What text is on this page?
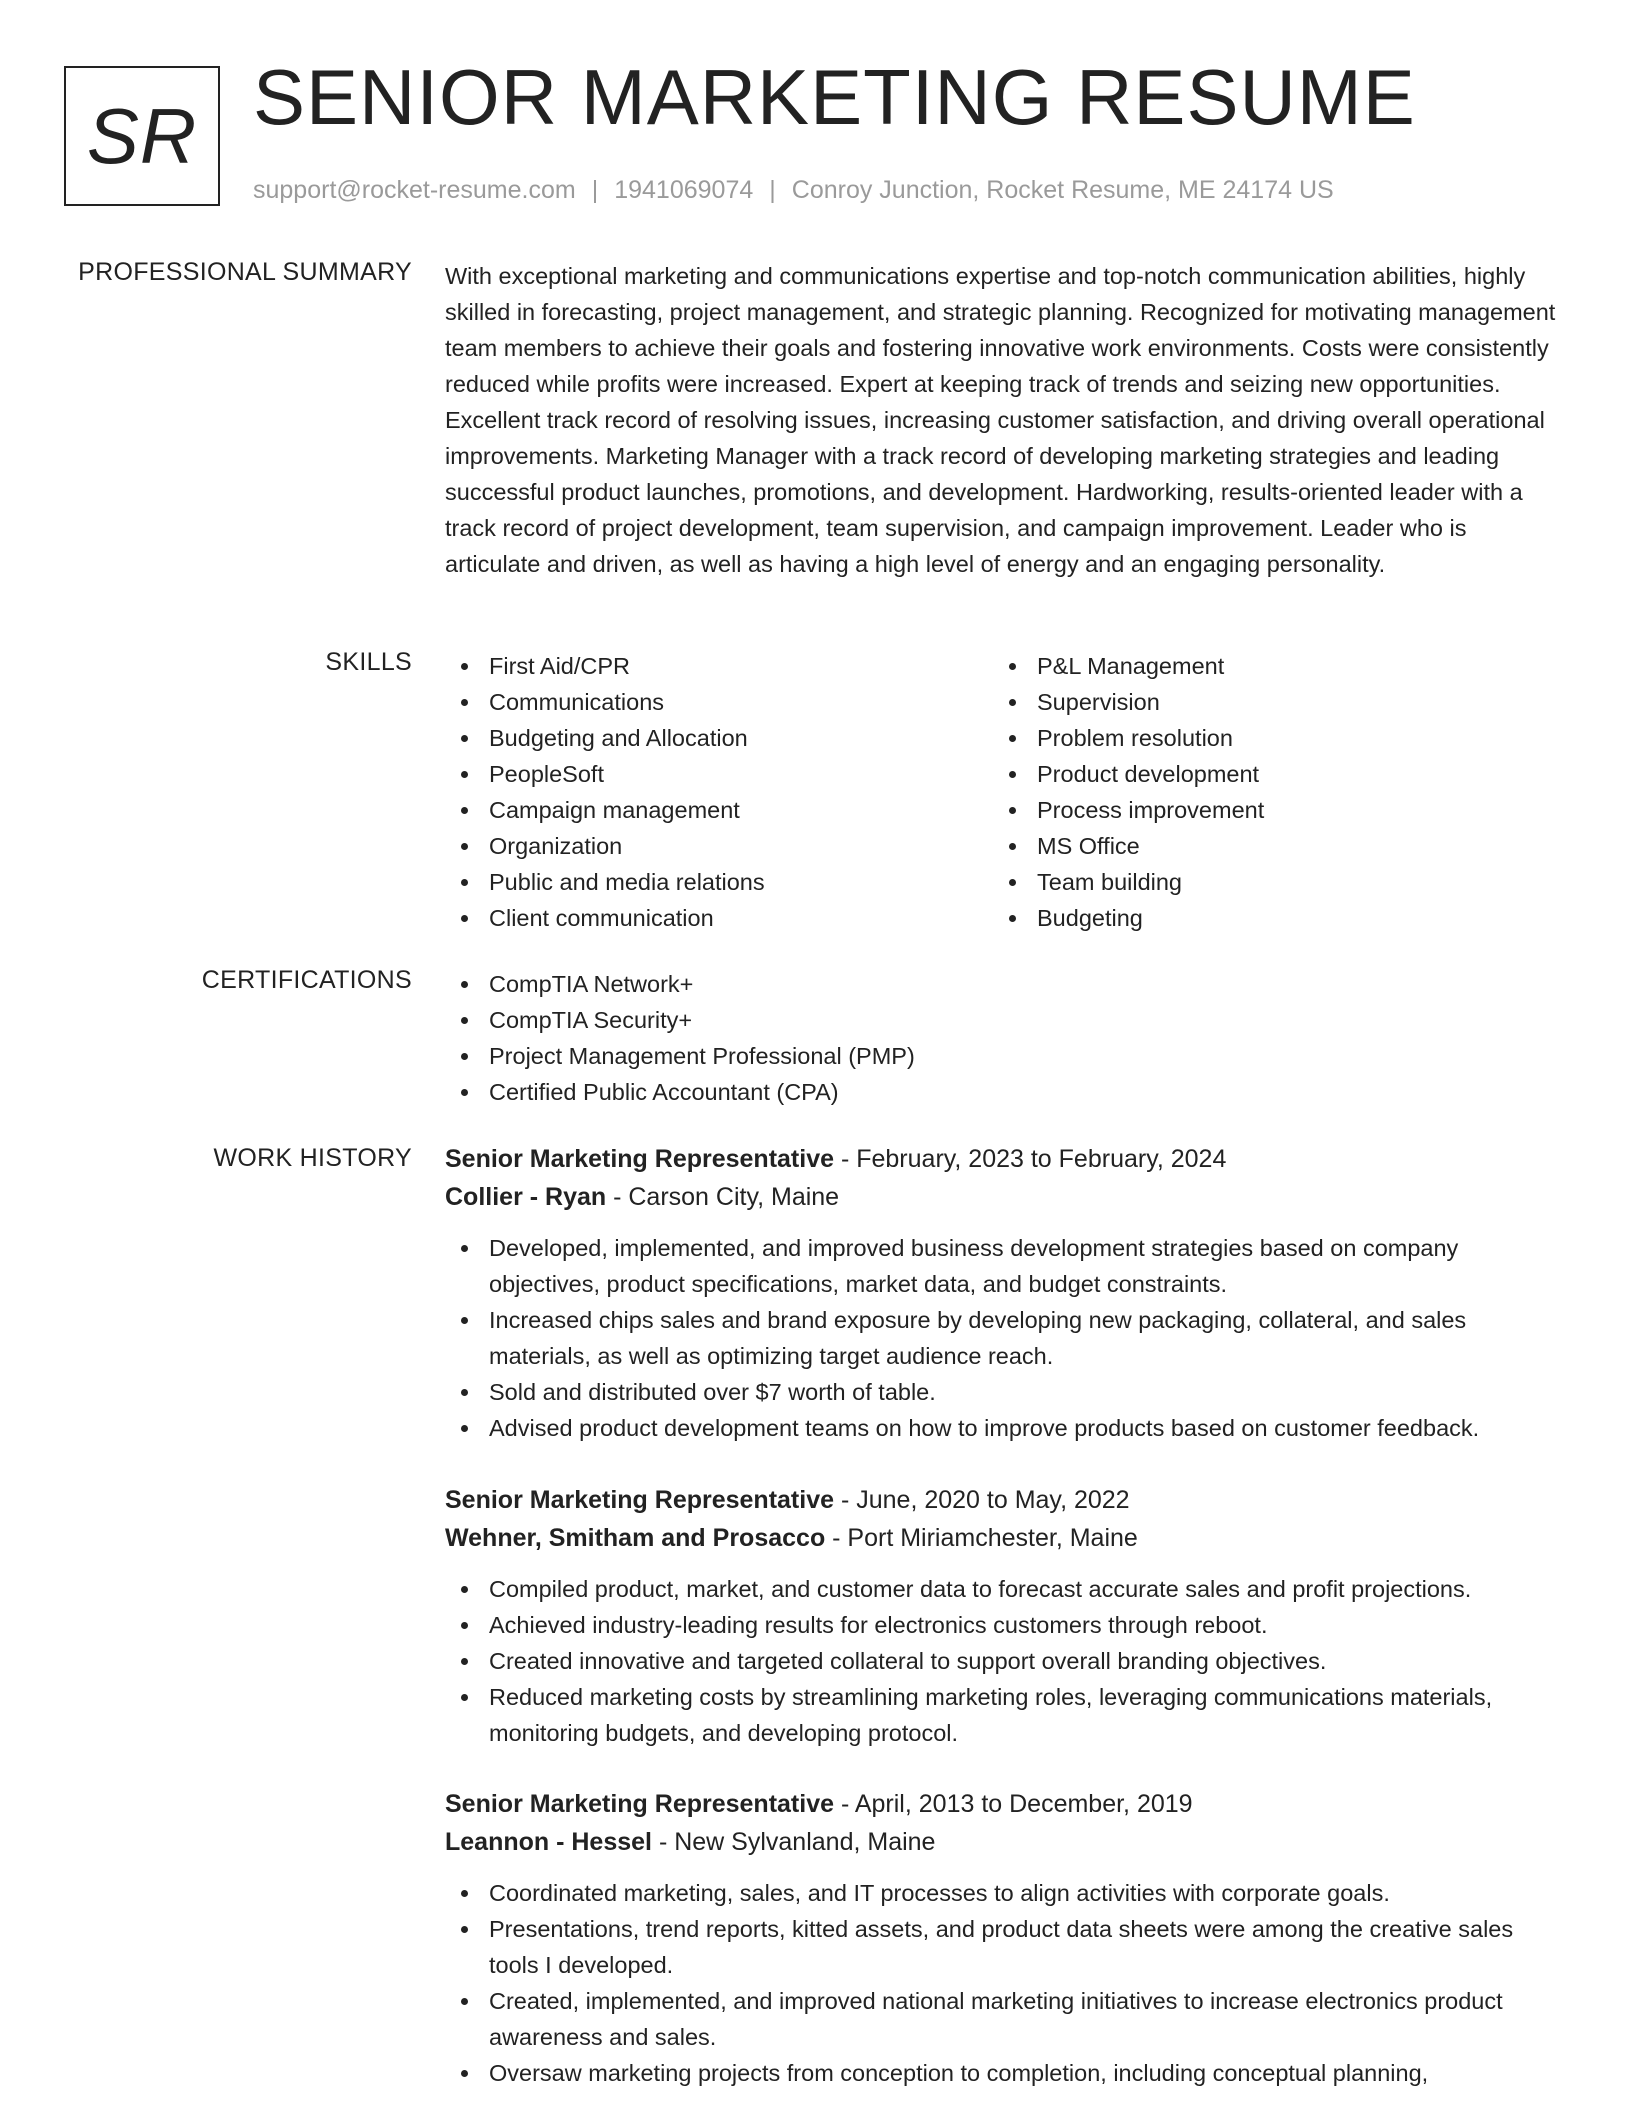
SR SENIOR MARKETING RESUME
support@rocket-resume.com | 1941069074 | Conroy Junction, Rocket Resume, ME 24174 US
PROFESSIONAL SUMMARY With exceptional marketing and communications expertise and top-notch communication abilities, highly skilled in forecasting, project management, and strategic planning. Recognized for motivating management team members to achieve their goals and fostering innovative work environments. Costs were consistently reduced while profits were increased. Expert at keeping track of trends and seizing new opportunities. Excellent track record of resolving issues, increasing customer satisfaction, and driving overall operational improvements. Marketing Manager with a track record of developing marketing strategies and leading successful product launches, promotions, and development. Hardworking, results-oriented leader with a track record of project development, team supervision, and campaign improvement. Leader who is articulate and driven, as well as having a high level of energy and an engaging personality.

SKILLS	First Aid/CPR
Communications
Budgeting and Allocation
PeopleSoft
Campaign management
Organization
Public and media relations
Client communication
P&L Management
Supervision
Problem resolution
Product development
Process improvement
MS Office
Team building
Budgeting
CERTIFICATIONS	CompTIA Network+
CompTIA Security+
Project Management Professional (PMP)
Certified Public Accountant (CPA)
WORK HISTORY Senior Marketing Representative - February, 2023 to February, 2024
Collier - Ryan - Carson City, Maine
Developed, implemented, and improved business development strategies based on company objectives, product specifications, market data, and budget constraints.
Increased chips sales and brand exposure by developing new packaging, collateral, and sales materials, as well as optimizing target audience reach.
Sold and distributed over $7 worth of table.
Advised product development teams on how to improve products based on customer feedback.
Senior Marketing Representative - June, 2020 to May, 2022
Wehner, Smitham and Prosacco - Port Miriamchester, Maine
Compiled product, market, and customer data to forecast accurate sales and profit projections.
Achieved industry-leading results for electronics customers through reboot.
Created innovative and targeted collateral to support overall branding objectives.
Reduced marketing costs by streamlining marketing roles, leveraging communications materials, monitoring budgets, and developing protocol.
Senior Marketing Representative - April, 2013 to December, 2019
Leannon - Hessel - New Sylvanland, Maine
Coordinated marketing, sales, and IT processes to align activities with corporate goals.
Presentations, trend reports, kitted assets, and product data sheets were among the creative sales tools I developed.
Created, implemented, and improved national marketing initiatives to increase electronics product awareness and sales.
Oversaw marketing projects from conception to completion, including conceptual planning,
